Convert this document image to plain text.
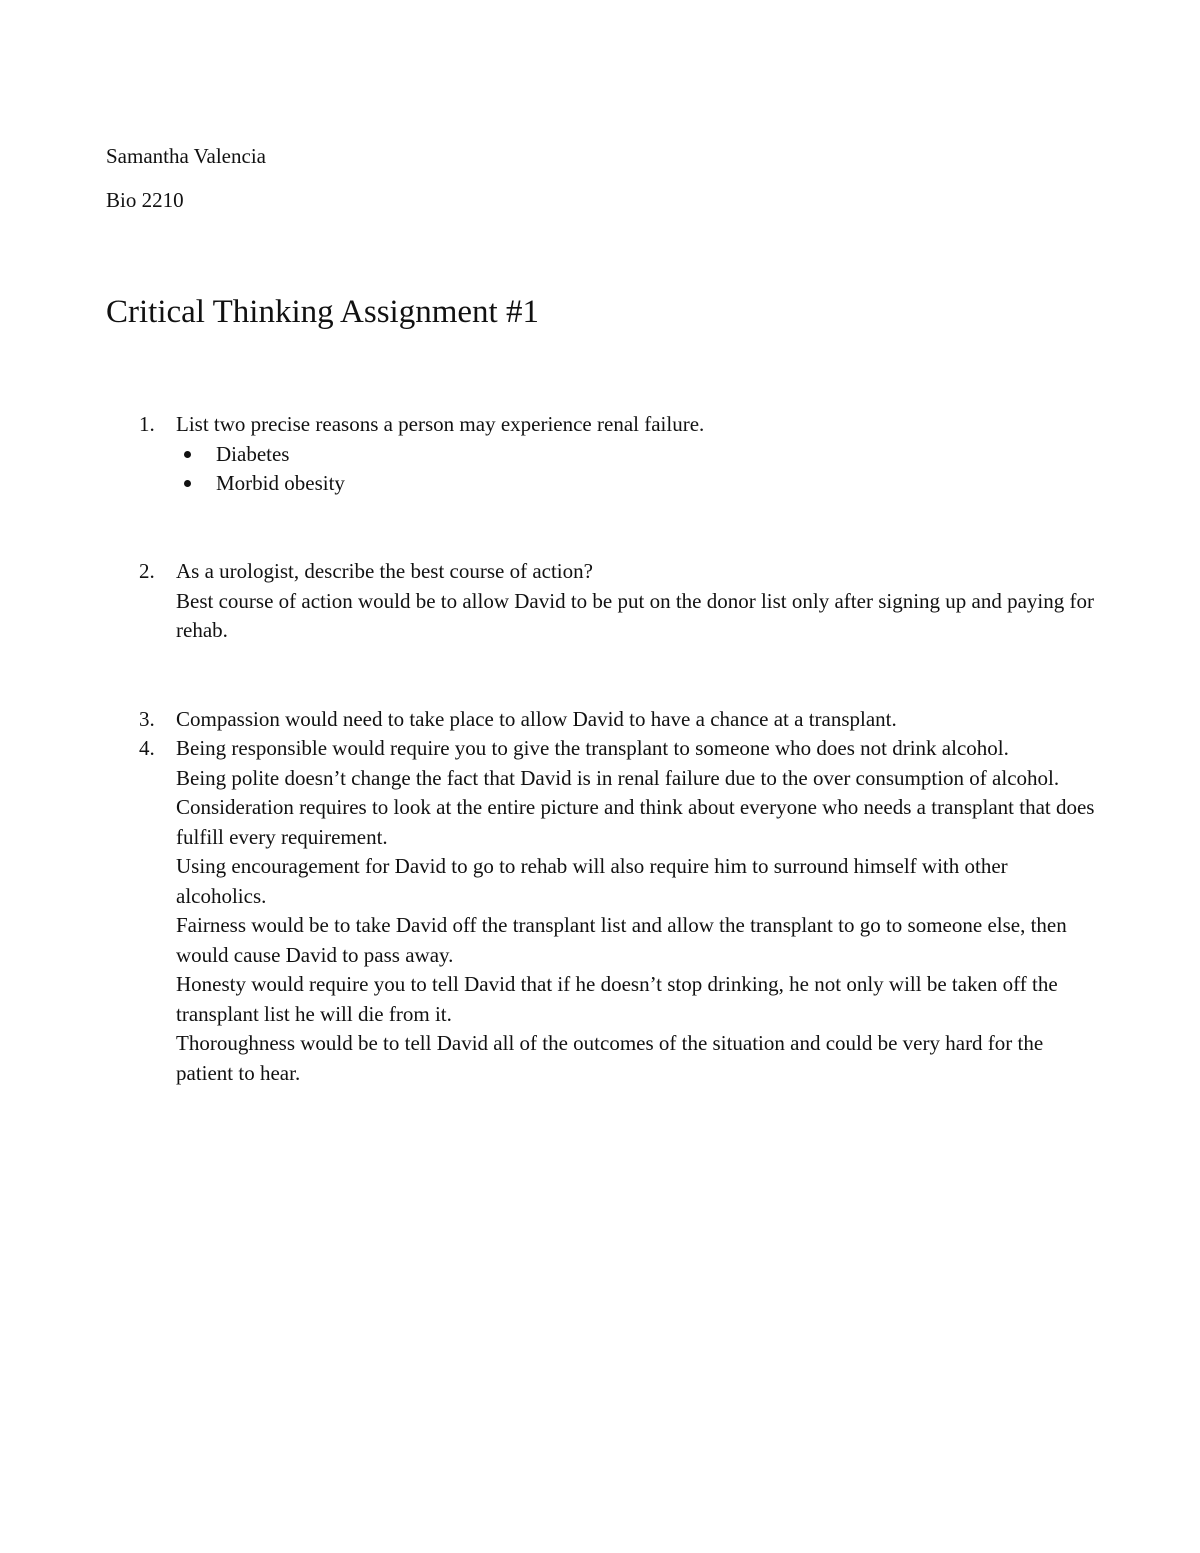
Samantha Valencia
Bio 2210
Critical Thinking Assignment #1
1.	List two precise reasons a person may experience renal failure.

Diabetes
Morbid obesity
2.	As a urologist, describe the best course of action?

Best course of action would be to allow David to be put on the donor list only after signing up and paying for rehab.

3.	Compassion would need to take place to allow David to have a chance at a transplant.

4.	Being responsible would require you to give the transplant to someone who does not drink alcohol.

Being polite doesn’t change the fact that David is in renal failure due to the over consumption of alcohol.

Consideration requires to look at the entire picture and think about everyone who needs a transplant that does fulfill every requirement.

Using encouragement for David to go to rehab will also require him to surround himself with other alcoholics.

Fairness would be to take David off the transplant list and allow the transplant to go to someone else, then would cause David to pass away.

Honesty would require you to tell David that if he doesn’t stop drinking, he not only will be taken off the transplant list he will die from it.

Thoroughness would be to tell David all of the outcomes of the situation and could be very hard for the patient to hear.
